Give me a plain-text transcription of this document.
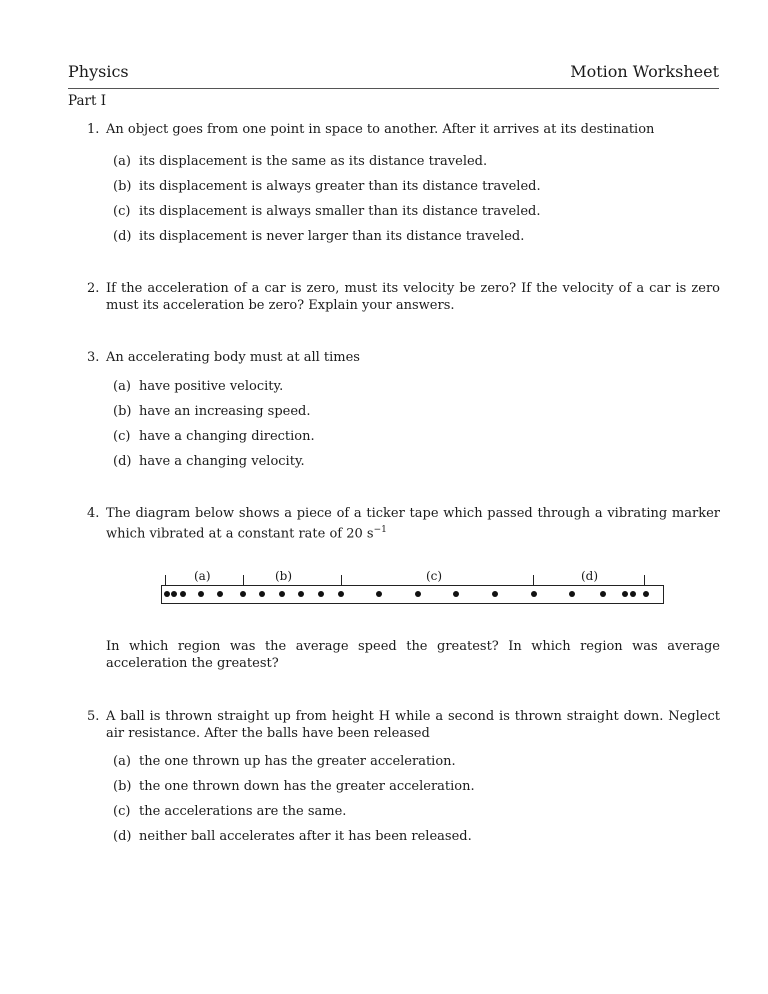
Physics	Motion Worksheet
Part I
1. An object goes from one point in space to another. After it arrives at its destination
(a) its displacement is the same as its distance traveled.
(b) its displacement is always greater than its distance traveled.
(c) its displacement is always smaller than its distance traveled.
(d) its displacement is never larger than its distance traveled.
2. If the acceleration of a car is zero, must its velocity be zero? If the velocity of a car is zero must its acceleration be zero? Explain your answers.
3. An accelerating body must at all times
(a) have positive velocity.
(b) have an increasing speed.
(c) have a changing direction.
(d) have a changing velocity.
4. The diagram below shows a piece of a ticker tape which passed through a vibrating marker which vibrated at a constant rate of 20 $s^{-1}$
(a)	(b)	(c)	(d)
In which region was the average speed the greatest? In which region was average acceleration the greatest?
5. A ball is thrown straight up from height H while a second is thrown straight down. Neglect air resistance. After the balls have been released
(a) the one thrown up has the greater acceleration.
(b) the one thrown down has the greater acceleration.
(c) the accelerations are the same.
(d) neither ball accelerates after it has been released.
